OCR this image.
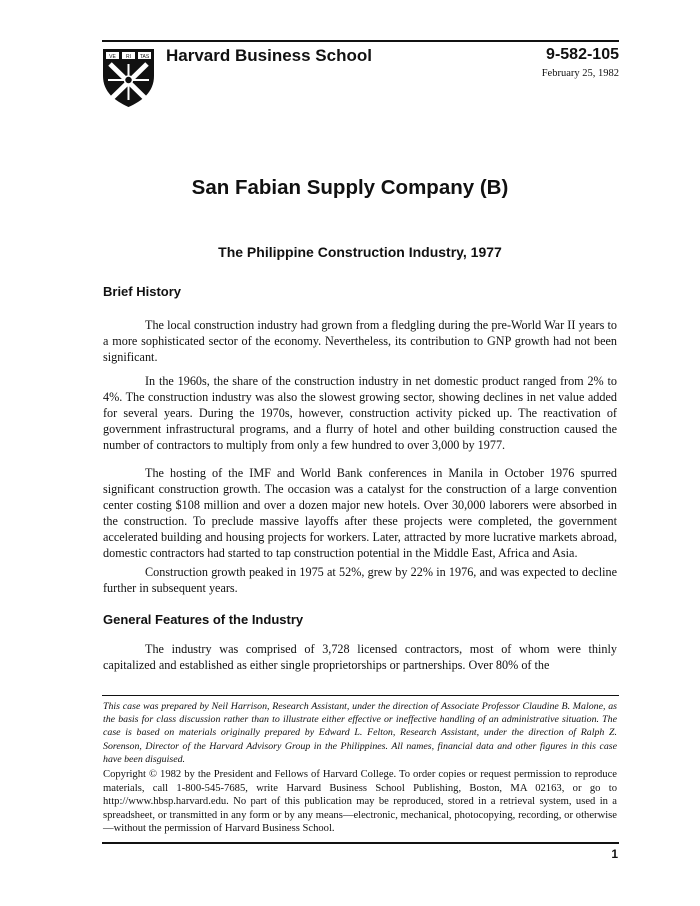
VE RI TAS Harvard Business School	9-582-105
February 25, 1982
San Fabian Supply Company (B)
The Philippine Construction Industry, 1977
Brief History

The local construction industry had grown from a fledgling during the pre-World War II years to a more sophisticated sector of the economy. Nevertheless, its contribution to GNP growth had not been significant.

In the 1960s, the share of the construction industry in net domestic product ranged from 2% to 4%. The construction industry was also the slowest growing sector, showing declines in net value added for several years. During the 1970s, however, construction activity picked up. The reactivation of government infrastructural programs, and a flurry of hotel and other building construction caused the number of contractors to multiply from only a few hundred to over 3,000 by 1977.

The hosting of the IMF and World Bank conferences in Manila in October 1976 spurred significant construction growth. The occasion was a catalyst for the construction of a large convention center costing $108 million and over a dozen major new hotels. Over 30,000 laborers were absorbed in the construction. To preclude massive layoffs after these projects were completed, the government accelerated building and housing projects for workers. Later, attracted by more lucrative markets abroad, domestic contractors had started to tap construction potential in the Middle East, Africa and Asia.

Construction growth peaked in 1975 at 52%, grew by 22% in 1976, and was expected to decline further in subsequent years.

General Features of the Industry

The industry was comprised of 3,728 licensed contractors, most of whom were thinly capitalized and established as either single proprietorships or partnerships. Over 80% of the

This case was prepared by Neil Harrison, Research Assistant, under the direction of Associate Professor Claudine B. Malone, as the basis for class discussion rather than to illustrate either effective or ineffective handling of an administrative situation. The case is based on materials originally prepared by Edward L. Felton, Research Assistant, under the direction of Ralph Z. Sorenson, Director of the Harvard Advisory Group in the Philippines. All names, financial data and other figures in this case have been disguised.

Copyright © 1982 by the President and Fellows of Harvard College. To order copies or request permission to reproduce materials, call 1-800-545-7685, write Harvard Business School Publishing, Boston, MA 02163, or go to http://www.hbsp.harvard.edu. No part of this publication may be reproduced, stored in a retrieval system, used in a spreadsheet, or transmitted in any form or by any means—electronic, mechanical, photocopying, recording, or otherwise—without the permission of Harvard Business School.

1
